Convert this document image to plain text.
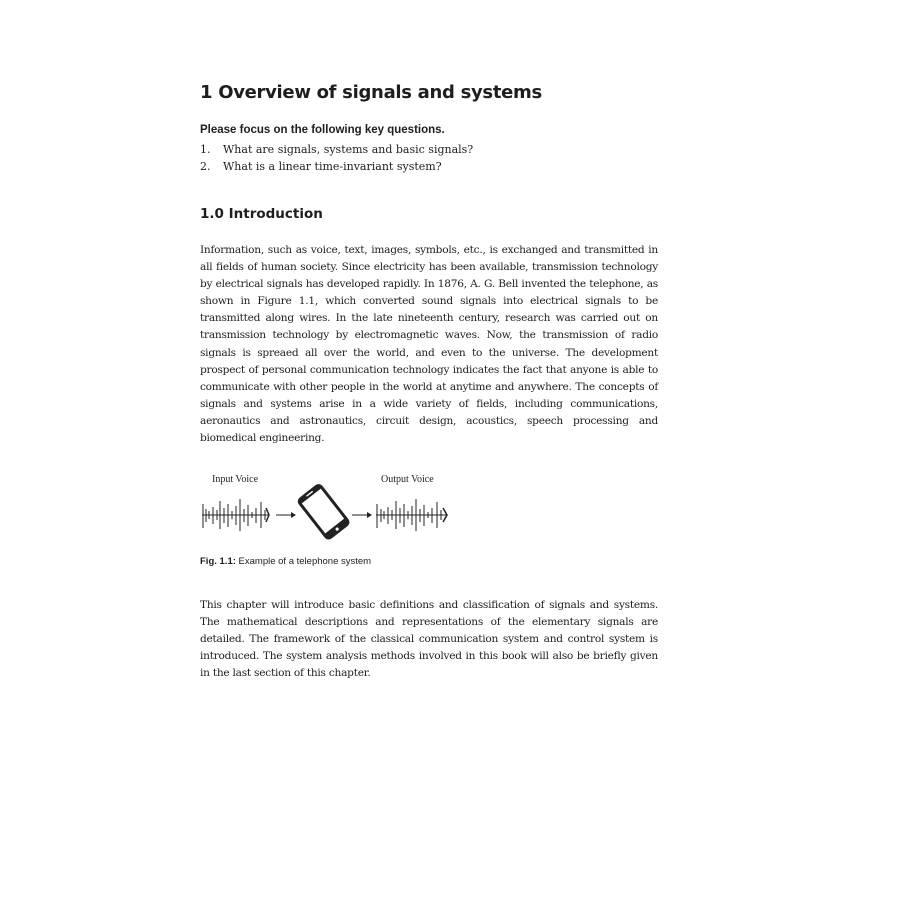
1 Overview of signals and systems
Please focus on the following key questions.
1. What are signals, systems and basic signals?
2. What is a linear time-invariant system?
1.0 Introduction

Information, such as voice, text, images, symbols, etc., is exchanged and transmitted in all fields of human society. Since electricity has been available, transmission technology by electrical signals has developed rapidly. In 1876, A. G. Bell invented the telephone, as shown in Figure 1.1, which converted sound signals into electrical signals to be transmitted along wires. In the late nineteenth century, research was carried out on transmission technology by electromagnetic waves. Now, the transmission of radio signals is spreaed all over the world, and even to the universe. The development prospect of personal communication technology indicates the fact that anyone is able to communicate with other people in the world at anytime and anywhere. The concepts of signals and systems arise in a wide variety of fields, including communications, aeronautics and astronautics, circuit design, acoustics, speech processing and biomedical engineering.

Input Voice	Output Voice
Fig. 1.1: Example of a telephone system

This chapter will introduce basic definitions and classification of signals and systems. The mathematical descriptions and representations of the elementary signals are detailed. The framework of the classical communication system and control system is introduced. The system analysis methods involved in this book will also be briefly given in the last section of this chapter.
